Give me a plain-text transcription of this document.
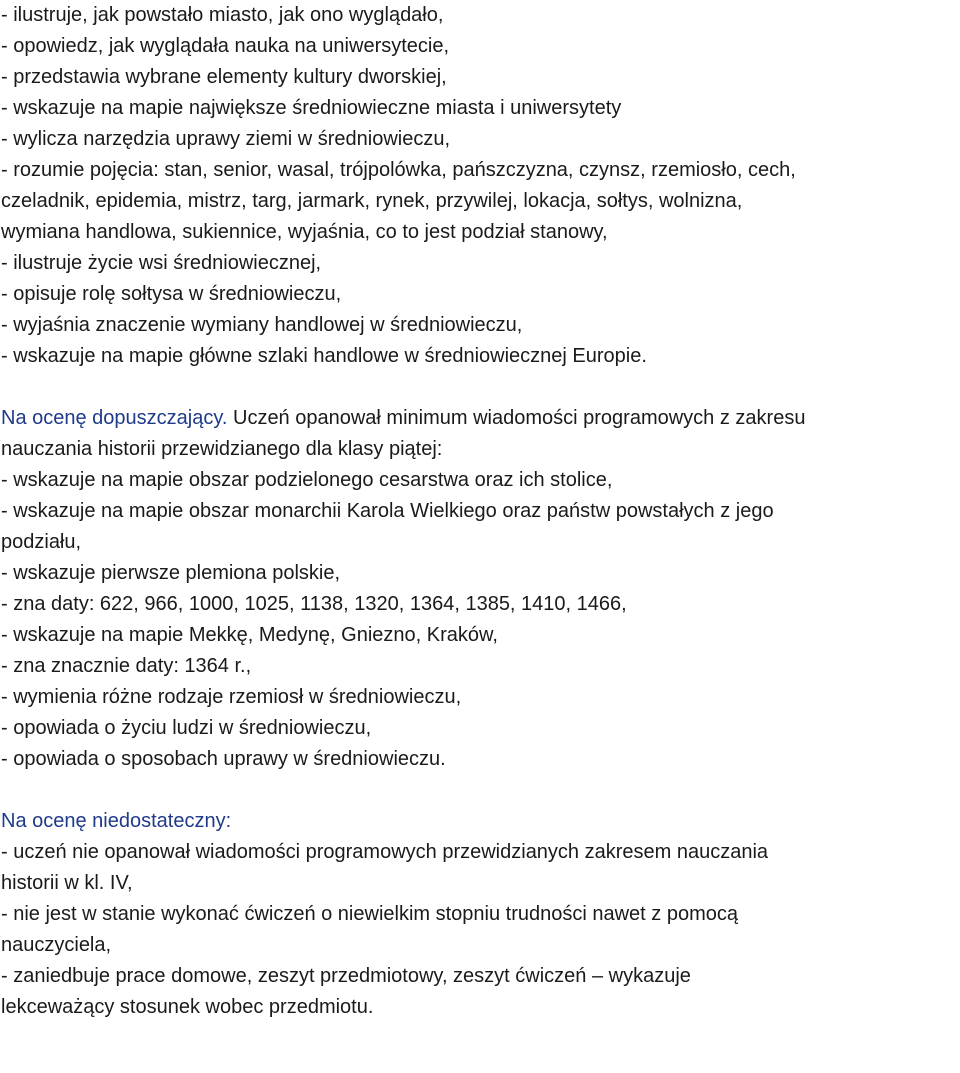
- ilustruje, jak powstało miasto, jak ono wyglądało,
- opowiedz, jak wyglądała nauka na uniwersytecie,
- przedstawia wybrane elementy kultury dworskiej,
- wskazuje na mapie największe średniowieczne miasta i uniwersytety
- wylicza narzędzia uprawy ziemi w średniowieczu,
- rozumie pojęcia: stan, senior, wasal, trójpolówka, pańszczyzna, czynsz, rzemiosło, cech,
czeladnik, epidemia, mistrz, targ, jarmark, rynek, przywilej, lokacja, sołtys, wolnizna,
wymiana handlowa, sukiennice, wyjaśnia, co to jest podział stanowy,
- ilustruje życie wsi średniowiecznej,
- opisuje rolę sołtysa w średniowieczu,
- wyjaśnia znaczenie wymiany handlowej w średniowieczu,
- wskazuje na mapie główne szlaki handlowe w średniowiecznej Europie.
Na ocenę dopuszczający. Uczeń opanował minimum wiadomości programowych z zakresu
nauczania historii przewidzianego dla klasy piątej:
- wskazuje na mapie obszar podzielonego cesarstwa oraz ich stolice,
- wskazuje na mapie obszar monarchii Karola Wielkiego oraz państw powstałych z jego
podziału,
- wskazuje pierwsze plemiona polskie,
- zna daty: 622, 966, 1000, 1025, 1138, 1320, 1364, 1385, 1410, 1466,
- wskazuje na mapie Mekkę, Medynę, Gniezno, Kraków,
- zna znacznie daty: 1364 r.,
- wymienia różne rodzaje rzemiosł w średniowieczu,
- opowiada o życiu ludzi w średniowieczu,
- opowiada o sposobach uprawy w średniowieczu.
Na ocenę niedostateczny:
- uczeń nie opanował wiadomości programowych przewidzianych zakresem nauczania
historii w kl. IV,
- nie jest w stanie wykonać ćwiczeń o niewielkim stopniu trudności nawet z pomocą
nauczyciela,
- zaniedbuje prace domowe, zeszyt przedmiotowy, zeszyt ćwiczeń – wykazuje
lekceważący stosunek wobec przedmiotu.
